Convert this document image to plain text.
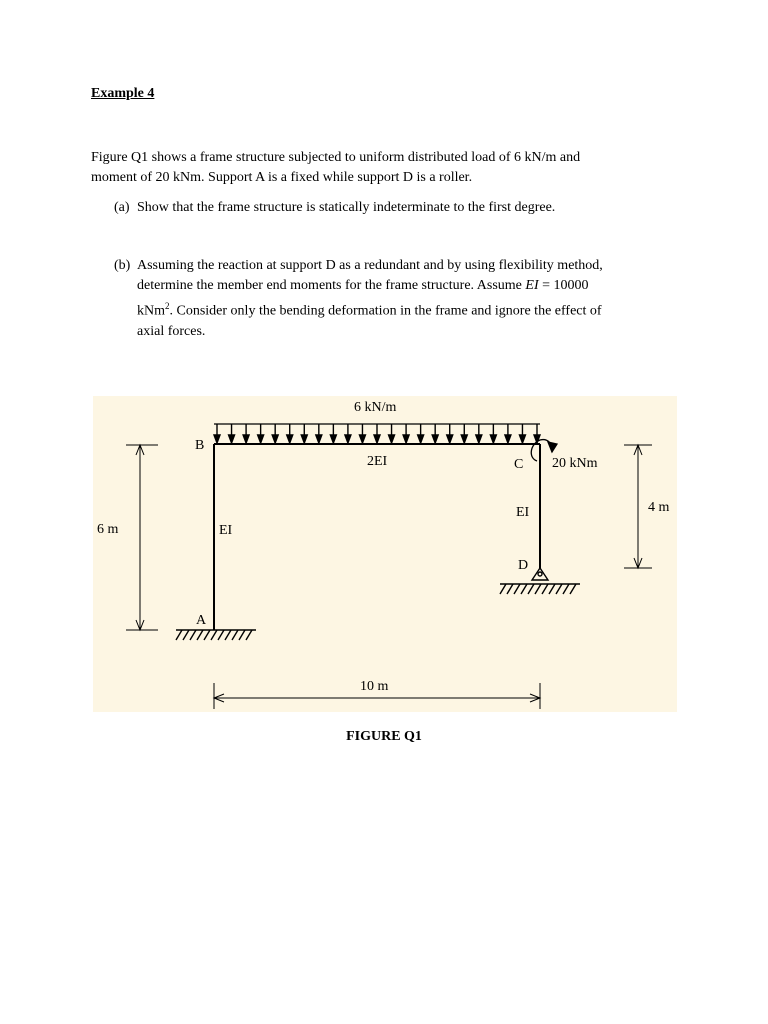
Example 4
Figure Q1 shows a frame structure subjected to uniform distributed load of 6 kN/m and
moment of 20 kNm. Support A is a fixed while support D is a roller.
(a) Show that the frame structure is statically indeterminate to the first degree.
(b) Assuming the reaction at support D as a redundant and by using flexibility method,
determine the member end moments for the frame structure. Assume EI = 10000
kNm$^2$. Consider only the bending deformation in the frame and ignore the effect of
axial forces.
6 kN/m
2EI
EI
EI
20 kNm
6 m
4 m
10 m
A
B
C
D
FIGURE Q1
